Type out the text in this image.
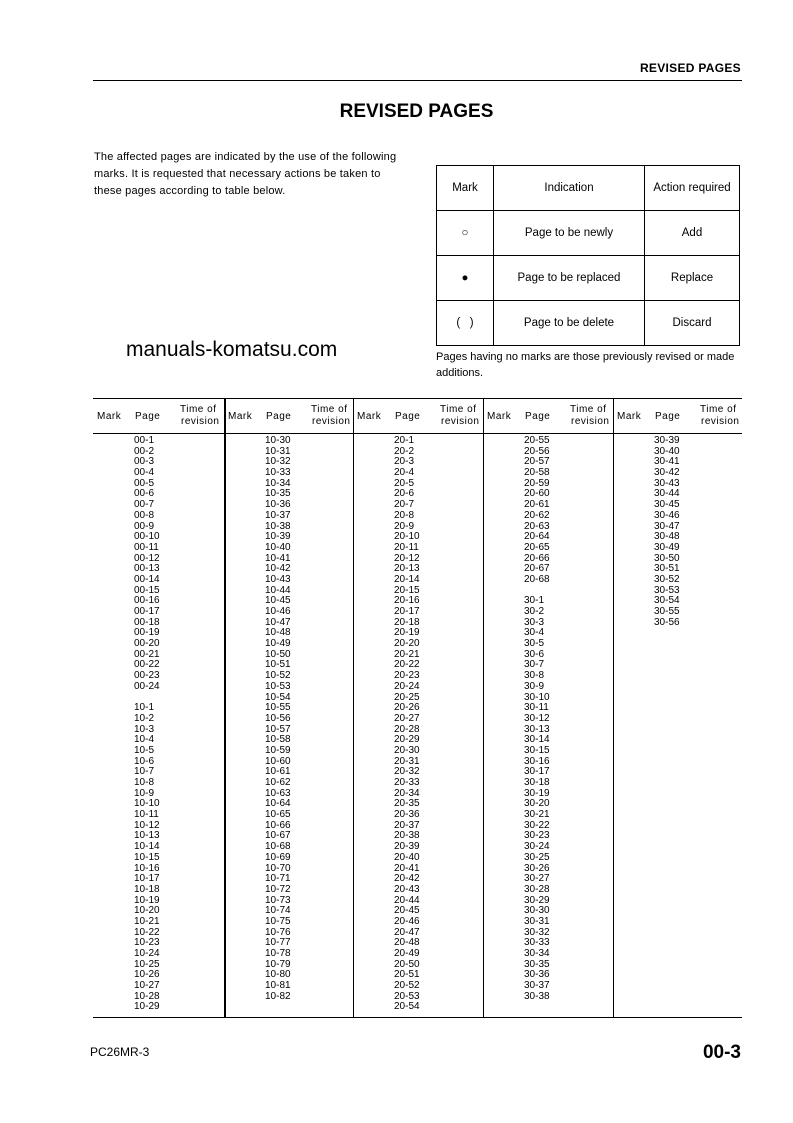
REVISED PAGES
REVISED PAGES
The affected pages are indicated by the use of the following marks. It is requested that necessary actions be taken to these pages according to table below.	Mark	Indication	Action required
○	Page to be newly	Add
●	Page to be replaced	Replace
(   )	Page to be delete	Discard
manuals-komatsu.com	Pages having no marks are those previously revised or made additions.
Mark Page
Time of
revision
00-1
00-2
00-3
00-4
00-5
00-6
00-7
00-8
00-9
00-10
00-11
00-12
00-13
00-14
00-15
00-16
00-17
00-18
00-19
00-20
00-21
00-22
00-23
00-24
10-1
10-2
10-3
10-4
10-5
10-6
10-7
10-8
10-9
10-10
10-11
10-12
10-13
10-14
10-15
10-16
10-17
10-18
10-19
10-20
10-21
10-22
10-23
10-24
10-25
10-26
10-27
10-28
10-29
Mark Page
Time of
revision
10-30
10-31
10-32
10-33
10-34
10-35
10-36
10-37
10-38
10-39
10-40
10-41
10-42
10-43
10-44
10-45
10-46
10-47
10-48
10-49
10-50
10-51
10-52
10-53
10-54
10-55
10-56
10-57
10-58
10-59
10-60
10-61
10-62
10-63
10-64
10-65
10-66
10-67
10-68
10-69
10-70
10-71
10-72
10-73
10-74
10-75
10-76
10-77
10-78
10-79
10-80
10-81
10-82
Mark Page
Time of
revision
20-1
20-2
20-3
20-4
20-5
20-6
20-7
20-8
20-9
20-10
20-11
20-12
20-13
20-14
20-15
20-16
20-17
20-18
20-19
20-20
20-21
20-22
20-23
20-24
20-25
20-26
20-27
20-28
20-29
20-30
20-31
20-32
20-33
20-34
20-35
20-36
20-37
20-38
20-39
20-40
20-41
20-42
20-43
20-44
20-45
20-46
20-47
20-48
20-49
20-50
20-51
20-52
20-53
20-54
Mark Page
Time of
revision
20-55
20-56
20-57
20-58
20-59
20-60
20-61
20-62
20-63
20-64
20-65
20-66
20-67
20-68
30-1
30-2
30-3
30-4
30-5
30-6
30-7
30-8
30-9
30-10
30-11
30-12
30-13
30-14
30-15
30-16
30-17
30-18
30-19
30-20
30-21
30-22
30-23
30-24
30-25
30-26
30-27
30-28
30-29
30-30
30-31
30-32
30-33
30-34
30-35
30-36
30-37
30-38
Mark Page
Time of
revision
30-39
30-40
30-41
30-42
30-43
30-44
30-45
30-46
30-47
30-48
30-49
30-50
30-51
30-52
30-53
30-54
30-55
30-56
PC26MR-3	00-3
